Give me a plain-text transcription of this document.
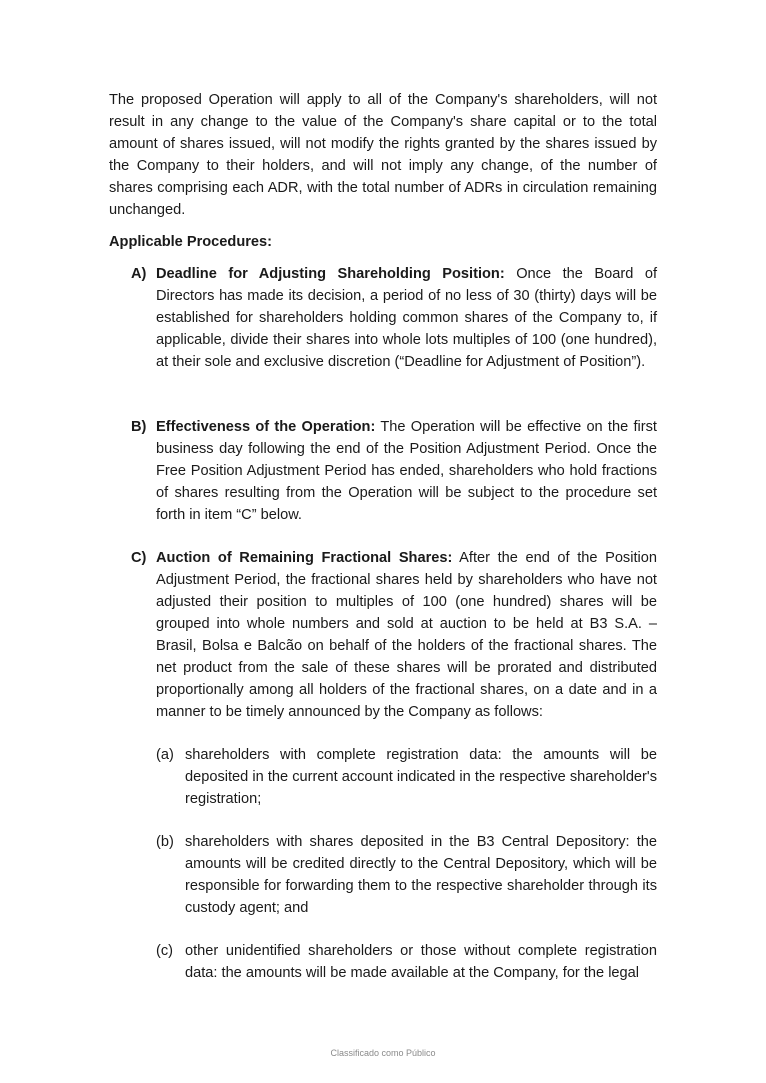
The proposed Operation will apply to all of the Company's shareholders, will not result in any change to the value of the Company's share capital or to the total amount of shares issued, will not modify the rights granted by the shares issued by the Company to their holders, and will not imply any change, of the number of shares comprising each ADR, with the total number of ADRs in circulation remaining unchanged.

Applicable Procedures:

A) Deadline for Adjusting Shareholding Position: Once the Board of Directors has made its decision, a period of no less of 30 (thirty) days will be established for shareholders holding common shares of the Company to, if applicable, divide their shares into whole lots multiples of 100 (one hundred), at their sole and exclusive discretion (“Deadline for Adjustment of Position”).
B) Effectiveness of the Operation: The Operation will be effective on the first business day following the end of the Position Adjustment Period. Once the Free Position Adjustment Period has ended, shareholders who hold fractions of shares resulting from the Operation will be subject to the procedure set forth in item “C” below.
C) Auction of Remaining Fractional Shares: After the end of the Position Adjustment Period, the fractional shares held by shareholders who have not adjusted their position to multiples of 100 (one hundred) shares will be grouped into whole numbers and sold at auction to be held at B3 S.A. – Brasil, Bolsa e Balcão on behalf of the holders of the fractional shares. The net product from the sale of these shares will be prorated and distributed proportionally among all holders of the fractional shares, on a date and in a manner to be timely announced by the Company as follows:
(a) shareholders with complete registration data: the amounts will be deposited in the current account indicated in the respective shareholder's registration;
(b) shareholders with shares deposited in the B3 Central Depository: the amounts will be credited directly to the Central Depository, which will be responsible for forwarding them to the respective shareholder through its custody agent; and
(c) other unidentified shareholders or those without complete registration data: the amounts will be made available at the Company, for the legal
Classificado como Público
